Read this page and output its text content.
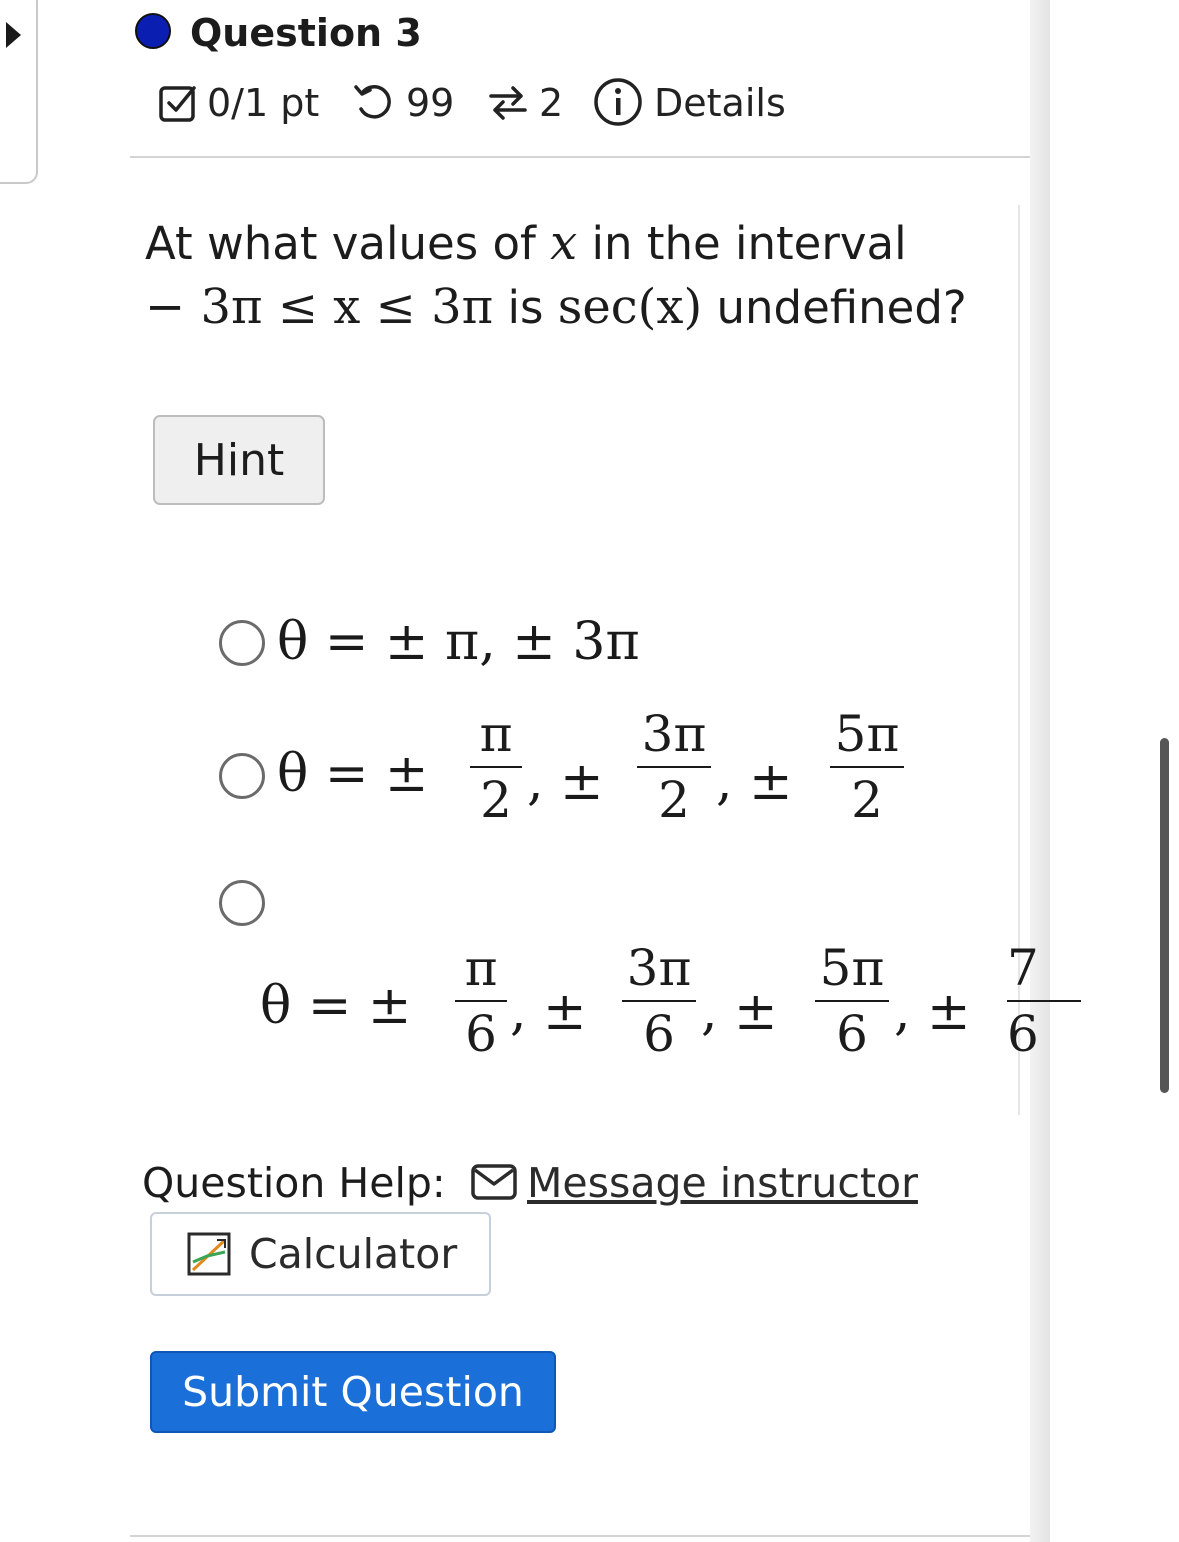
Question 3
0/1 pt 99 2 Details
At what values of x in the interval
− 3π ≤ x ≤ 3π is sec(x) undefined?
Hint
θ = ± π, ± 3π
θ = ±
π
2 , ±
3π
2 , ±
5π
2
θ = ±
π
6 , ±
3π
6 , ±
5π
6 , ±
7
6
Question Help: Message instructor
Calculator
Submit Question
